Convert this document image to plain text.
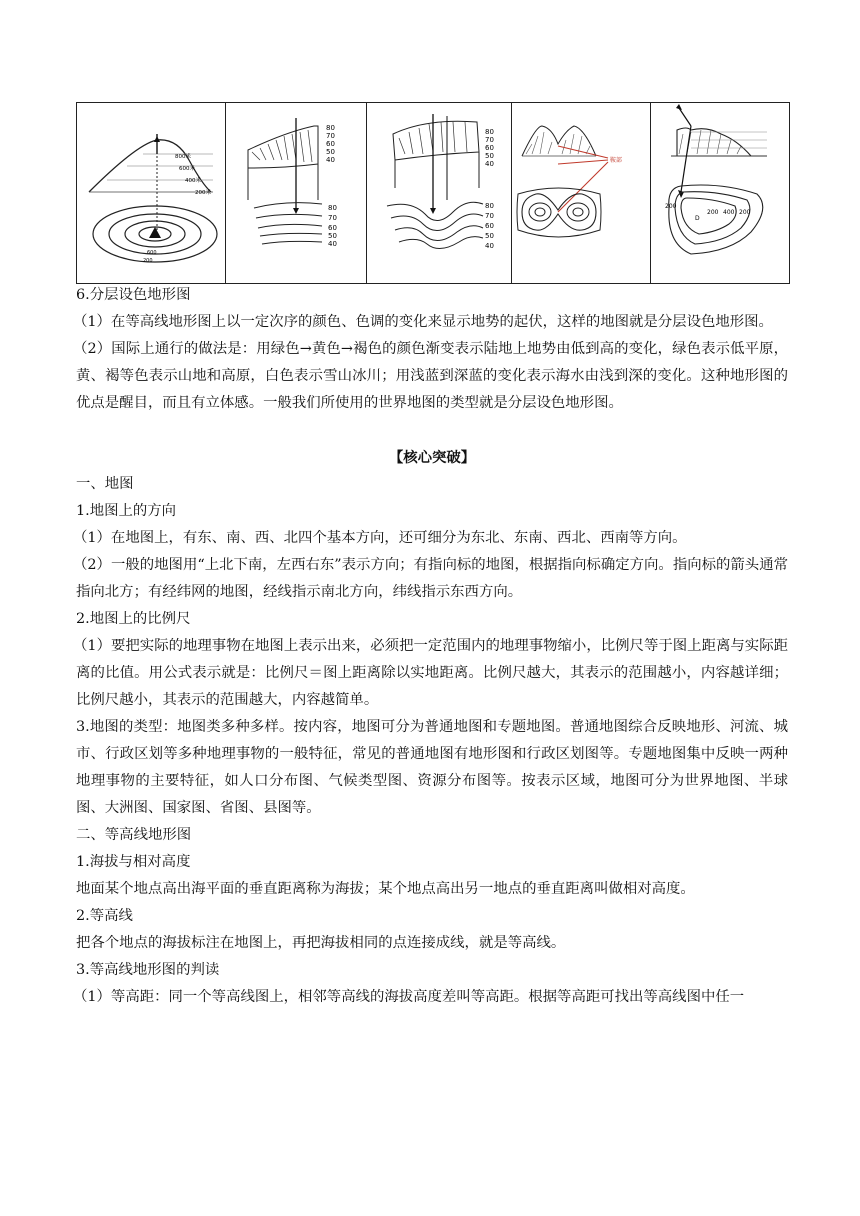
800米
600米
400米
200米
600
200

80
70
60
50
40
80
70
60
50
40

80
70
60
50
40
80
70
60
50
40

鞍部

200
D
200 400 200

6.分层设色地形图

（1）在等高线地形图上以一定次序的颜色、色调的变化来显示地势的起伏，这样的地图就是分层设色地形图。

（2）国际上通行的做法是：用绿色→黄色→褐色的颜色渐变表示陆地上地势由低到高的变化，绿色表示低平原，黄、褐等色表示山地和高原，白色表示雪山冰川；用浅蓝到深蓝的变化表示海水由浅到深的变化。这种地形图的优点是醒目，而且有立体感。一般我们所使用的世界地图的类型就是分层设色地形图。

【核心突破】

一、地图

1.地图上的方向

（1）在地图上，有东、南、西、北四个基本方向，还可细分为东北、东南、西北、西南等方向。

（2）一般的地图用“上北下南，左西右东”表示方向；有指向标的地图，根据指向标确定方向。指向标的箭头通常指向北方；有经纬网的地图，经线指示南北方向，纬线指示东西方向。

2.地图上的比例尺

（1）要把实际的地理事物在地图上表示出来，必须把一定范围内的地理事物缩小，比例尺等于图上距离与实际距离的比值。用公式表示就是：比例尺＝图上距离除以实地距离。比例尺越大，其表示的范围越小，内容越详细；比例尺越小，其表示的范围越大，内容越简单。

3.地图的类型：地图类多种多样。按内容，地图可分为普通地图和专题地图。普通地图综合反映地形、河流、城市、行政区划等多种地理事物的一般特征，常见的普通地图有地形图和行政区划图等。专题地图集中反映一两种地理事物的主要特征，如人口分布图、气候类型图、资源分布图等。按表示区域，地图可分为世界地图、半球图、大洲图、国家图、省图、县图等。

二、等高线地形图

1.海拔与相对高度

地面某个地点高出海平面的垂直距离称为海拔；某个地点高出另一地点的垂直距离叫做相对高度。

2.等高线

把各个地点的海拔标注在地图上，再把海拔相同的点连接成线，就是等高线。

3.等高线地形图的判读

（1）等高距：同一个等高线图上，相邻等高线的海拔高度差叫等高距。根据等高距可找出等高线图中任一
